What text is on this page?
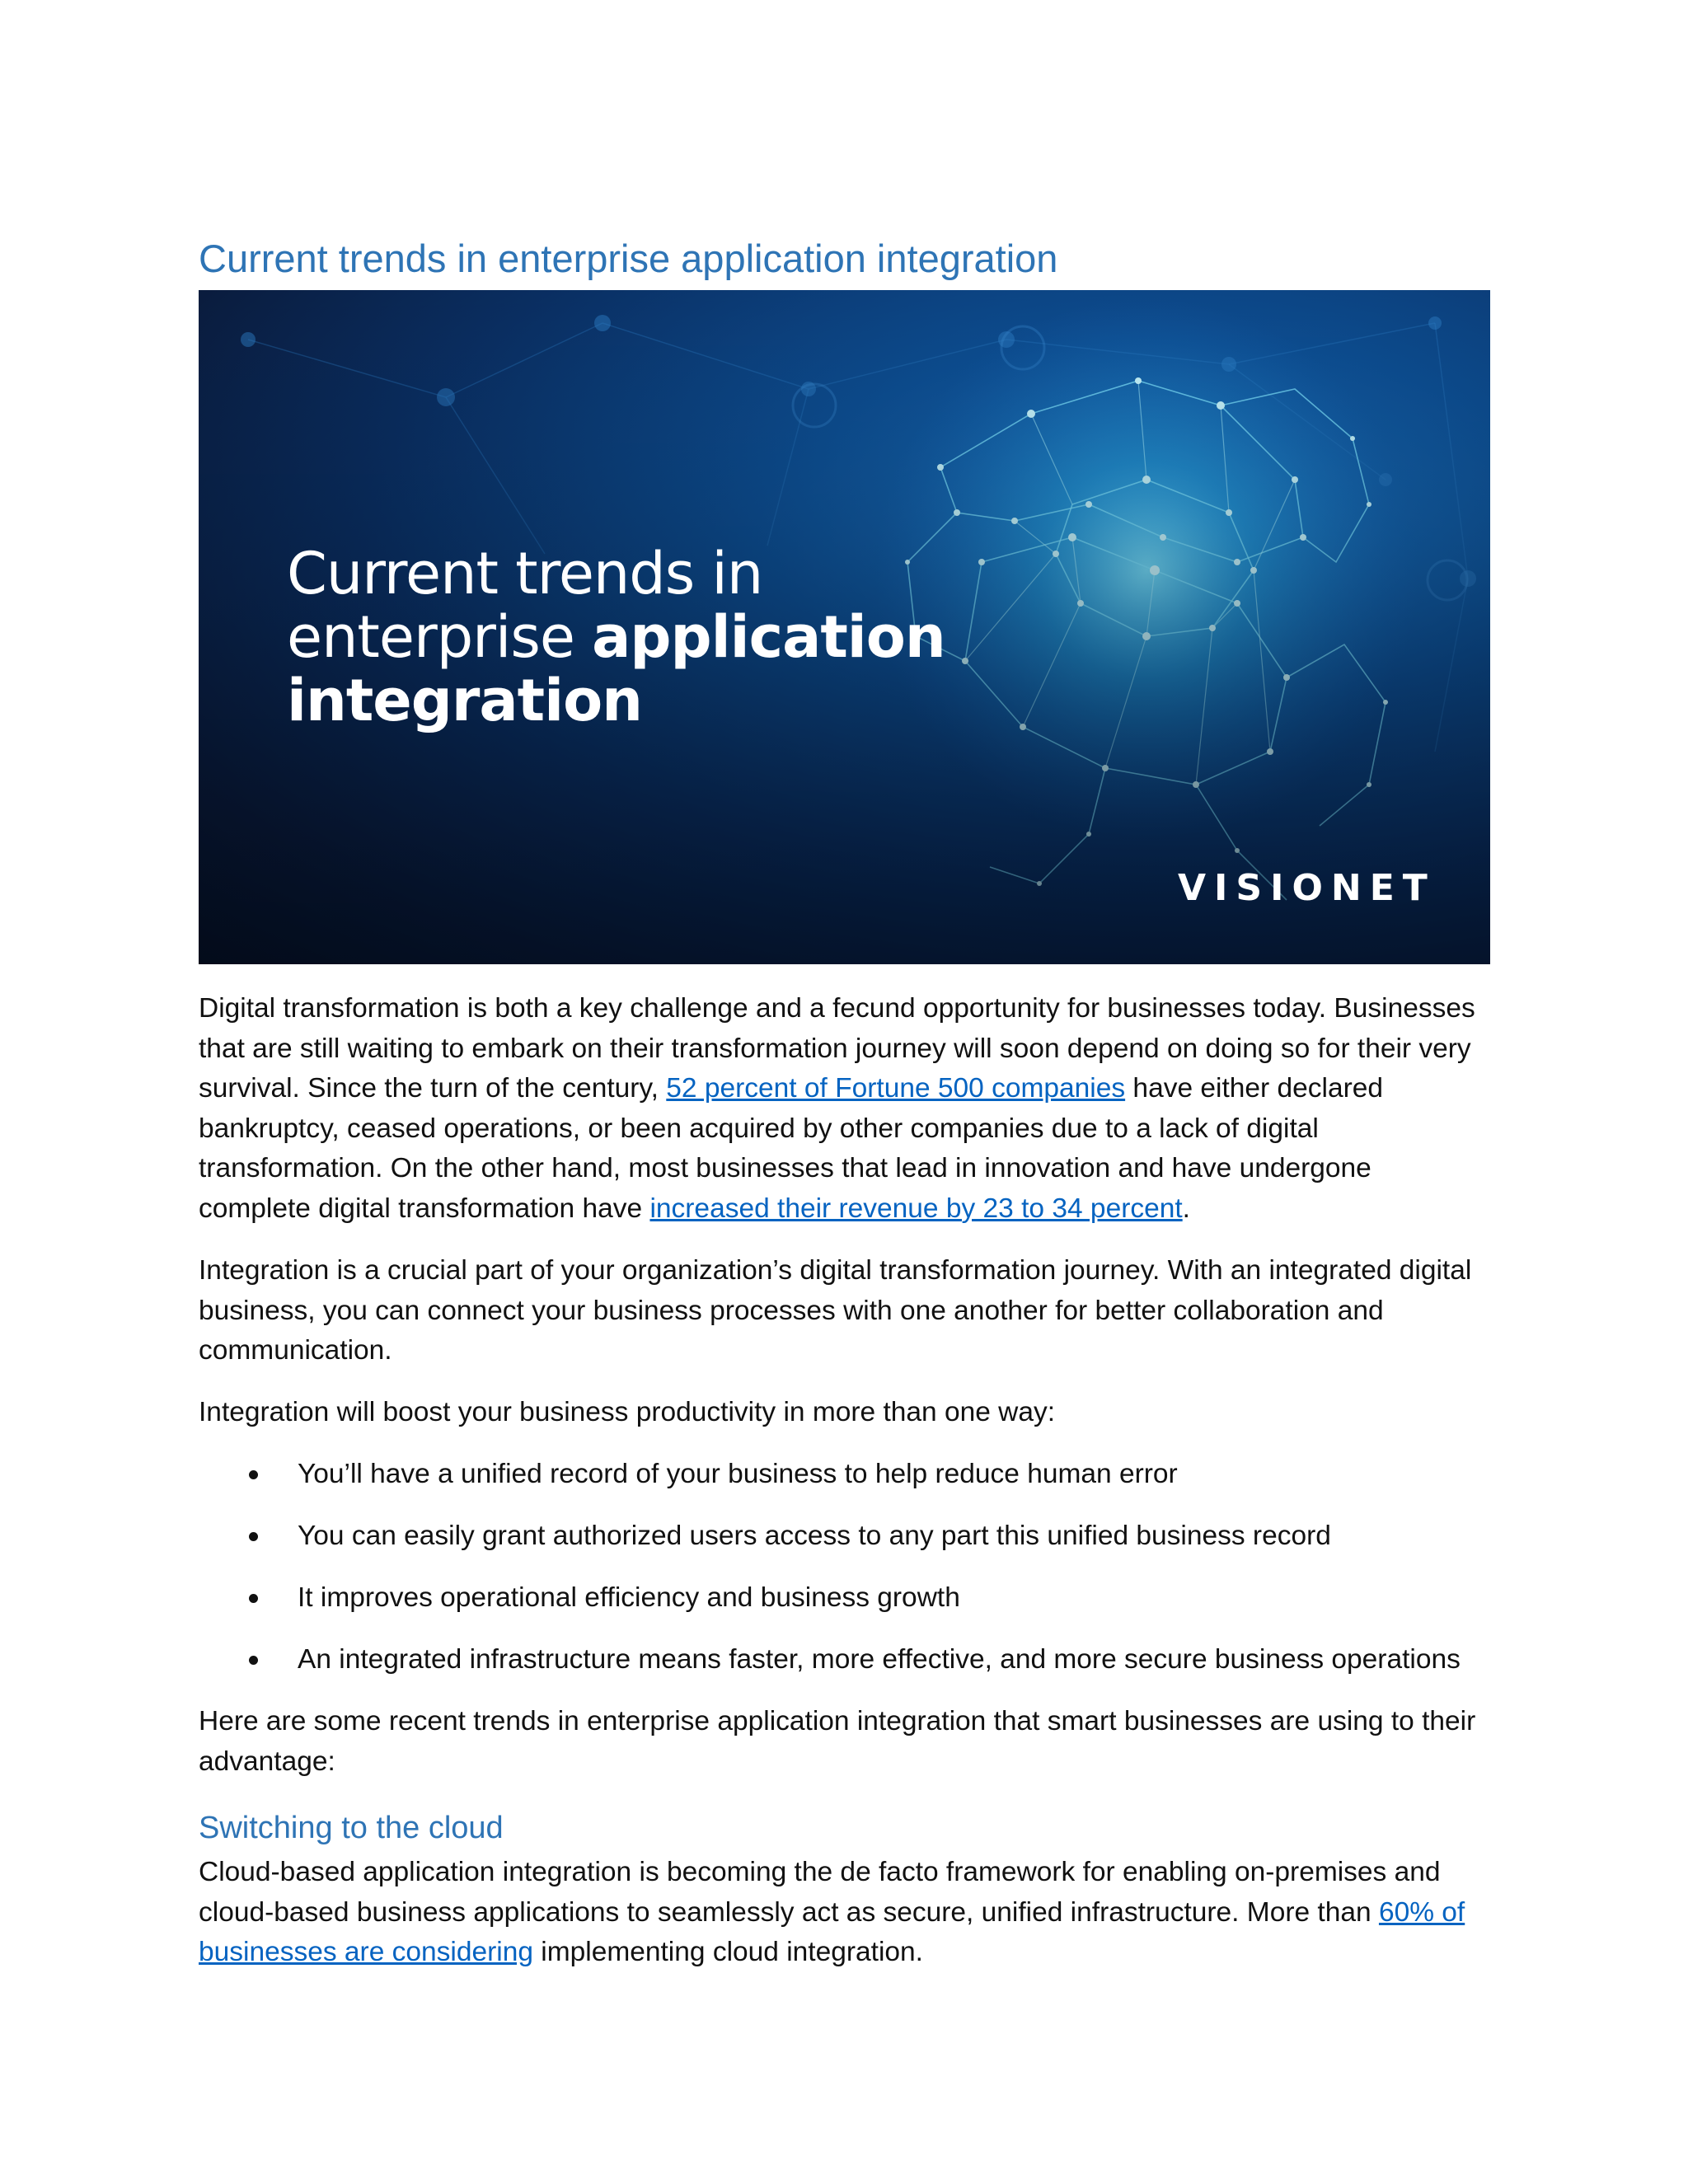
Current trends in enterprise application integration
Current trends in
enterprise application
integration
VISIONET

Digital transformation is both a key challenge and a fecund opportunity for businesses today. Businesses that are still waiting to embark on their transformation journey will soon depend on doing so for their very survival. Since the turn of the century, 52 percent of Fortune 500 companies have either declared bankruptcy, ceased operations, or been acquired by other companies due to a lack of digital transformation. On the other hand, most businesses that lead in innovation and have undergone complete digital transformation have increased their revenue by 23 to 34 percent.

Integration is a crucial part of your organization’s digital transformation journey. With an integrated digital business, you can connect your business processes with one another for better collaboration and communication.

Integration will boost your business productivity in more than one way:

You’ll have a unified record of your business to help reduce human error
You can easily grant authorized users access to any part this unified business record
It improves operational efficiency and business growth
An integrated infrastructure means faster, more effective, and more secure business operations

Here are some recent trends in enterprise application integration that smart businesses are using to their advantage:

Switching to the cloud

Cloud-based application integration is becoming the de facto framework for enabling on-premises and cloud-based business applications to seamlessly act as secure, unified infrastructure. More than 60% of businesses are considering implementing cloud integration.
